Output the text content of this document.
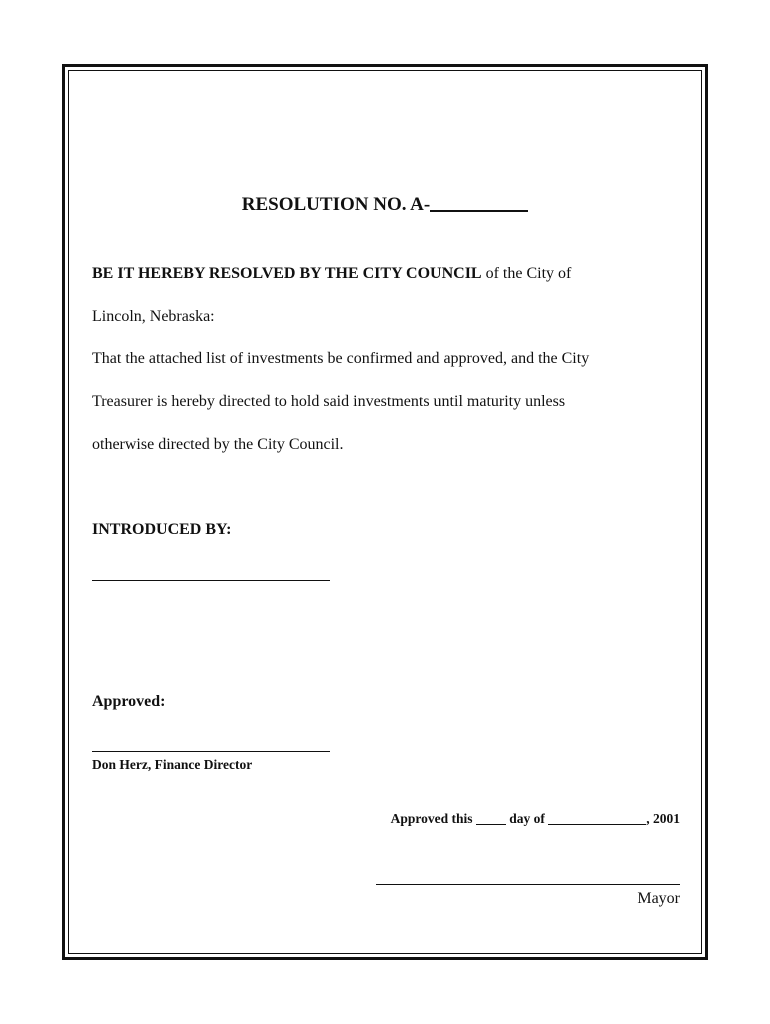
RESOLUTION NO. A-
BE IT HEREBY RESOLVED BY THE CITY COUNCIL of the City of
Lincoln, Nebraska:
That the attached list of investments be confirmed and approved, and the City
Treasurer is hereby directed to hold said investments until maturity unless
otherwise directed by the City Council.
INTRODUCED BY:
Approved:
Don Herz, Finance Director
Approved this  day of	, 2001
Mayor
